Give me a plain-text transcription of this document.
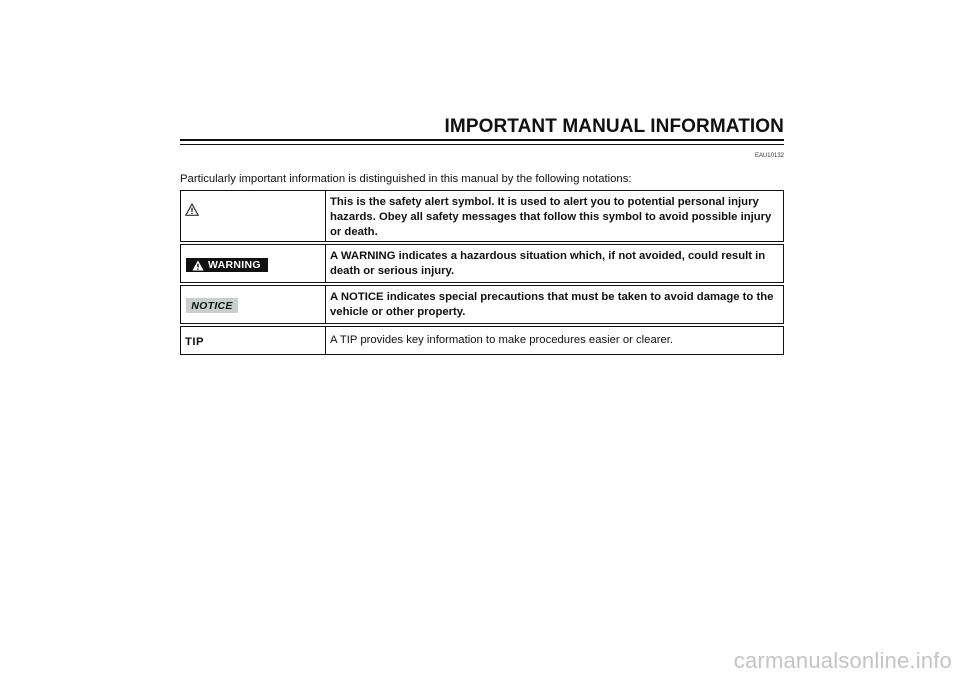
IMPORTANT MANUAL INFORMATION
EAU10132

Particularly important information is distinguished in this manual by the following notations:

This is the safety alert symbol. It is used to alert you to potential personal injury hazards. Obey all safety messages that follow this symbol to avoid possible injury or death.
WARNING
A WARNING indicates a hazardous situation which, if not avoided, could result in death or serious injury.
NOTICE
A NOTICE indicates special precautions that must be taken to avoid damage to the vehicle or other property.
TIP	A TIP provides key information to make procedures easier or clearer.
carmanualsonline.info
